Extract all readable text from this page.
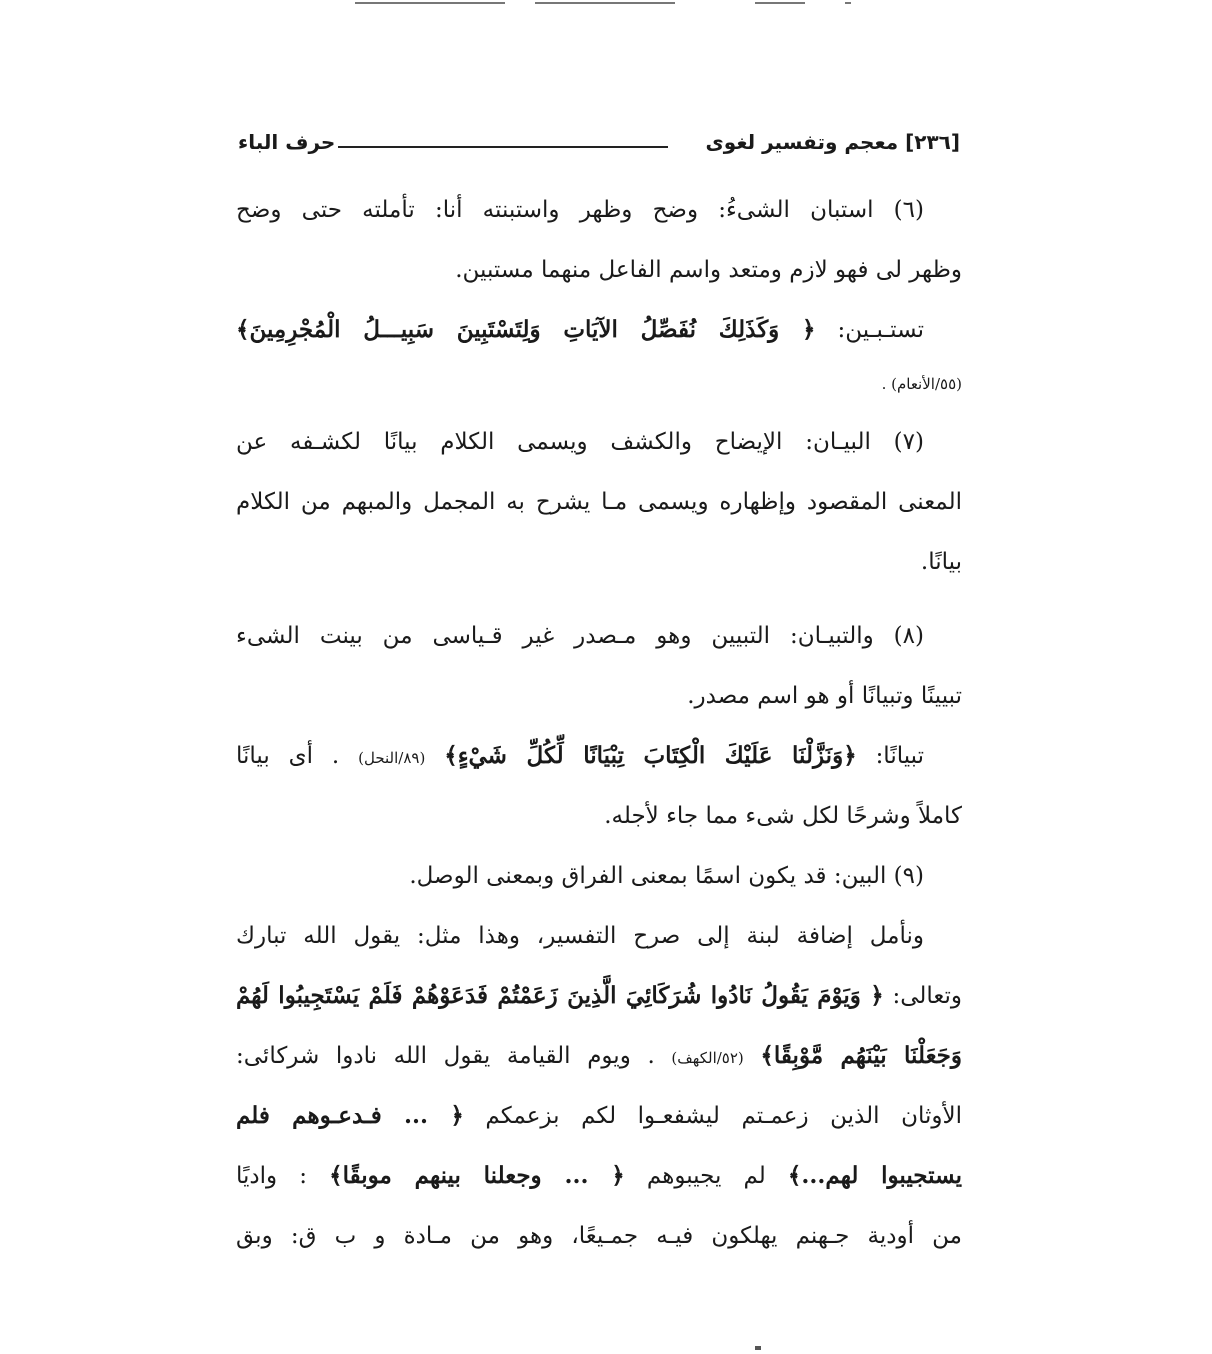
[٢٣٦] معجم وتفسير لغوى
حرف الباء
(٦) استبان الشىءُ: وضح وظهر واستبنته أنا: تأملته حتى وضح
وظهر لى فهو لازم ومتعد واسم الفاعل منهما مستبين.
تستـبـين: ﴿ وَكَذَلِكَ نُفَصِّلُ الآيَاتِ وَلِتَسْتَبِينَ سَبِيـــلُ الْمُجْرِمِينَ﴾
(٥٥/الأنعام) .
(٧) البيـان: الإيضاح والكشف ويسمى الكلام بيانًا لكشـفه عن
المعنى المقصود وإظهاره ويسمى مـا يشرح به المجمل والمبهم من الكلام
بيانًا.
(٨) والتبيـان: التبيين وهو مـصدر غير قـياسى من بينت الشىء
تبيينًا وتبيانًا أو هو اسم مصدر.
تبيانًا: ﴿وَنَزَّلْنَا عَلَيْكَ الْكِتَابَ تِبْيَانًا لِّكُلِّ شَيْءٍ﴾ (٨٩/النحل) . أى بيانًا
كاملاً وشرحًا لكل شىء مما جاء لأجله.
(٩) البين: قد يكون اسمًا بمعنى الفراق وبمعنى الوصل.
ونأمل إضافة لبنة إلى صرح التفسير، وهذا مثل: يقول الله تبارك
وتعالى: ﴿ وَيَوْمَ يَقُولُ نَادُوا شُرَكَائِيَ الَّذِينَ زَعَمْتُمْ فَدَعَوْهُمْ فَلَمْ يَسْتَجِيبُوا لَهُمْ
وَجَعَلْنَا بَيْنَهُم مَّوْبِقًا﴾ (٥٢/الكهف) . ويوم القيامة يقول الله نادوا شركائى:
الأوثان الذين زعمـتم ليشفعـوا لكم بزعمكم ﴿ ... فـدعـوهم فلم
يستجيبوا لهم...﴾ لم يجيبوهم ﴿ ... وجعلنا بينهم موبقًا﴾ : واديًا
من أودية جـهنم يهلكون فيـه جمـيعًا، وهو من مـادة و ب ق: وبق
